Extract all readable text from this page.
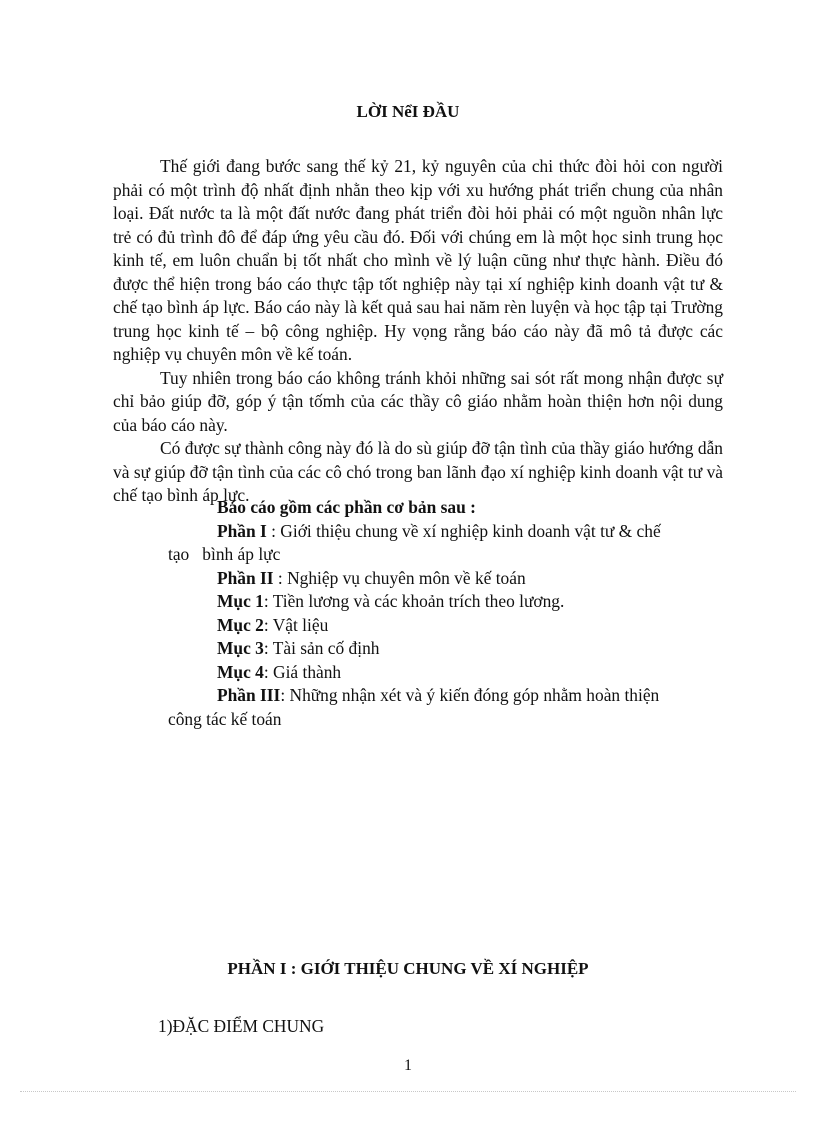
LỜI NểI ĐẦU

Thế giới đang bước sang thế kỷ 21, kỷ nguyên của chi thức đòi hỏi con người phải có một trình độ nhất định nhằn theo kịp với xu hướng phát triển chung của nhân loại. Đất nước ta là một đất nước đang phát triển đòi hỏi phải có một nguồn nhân lực trẻ có đủ trình đô để đáp ứng yêu cầu đó. Đối với chúng em là một học sinh trung học kinh tế, em luôn chuẩn bị tốt nhất cho mình về lý luận cũng như thực hành. Điều đó được thể hiện trong báo cáo thực tập tốt nghiệp này tại xí nghiệp kinh doanh vật tư & chế tạo bình áp lực. Báo cáo này là kết quả sau hai năm rèn luyện và học tập tại Trường trung học kinh tế – bộ công nghiệp. Hy vọng rằng báo cáo này đã mô tả được các nghiệp vụ chuyên môn về kế toán.

Tuy nhiên trong báo cáo không tránh khỏi những sai sót rất mong nhận được sự chỉ bảo giúp đỡ, góp ý tận tốmh của các thầy cô giáo nhằm hoàn thiện hơn nội dung của báo cáo này.

Có được sự thành công này đó là do sù giúp đỡ tận tình của thầy giáo hướng dẫn và sự giúp đỡ tận tình của các cô chó trong ban lãnh đạo xí nghiệp kinh doanh vật tư và chế tạo bình áp lực.

Báo cáo gồm các phần cơ bản sau :
Phần I : Giới thiệu chung về xí nghiệp kinh doanh vật tư & chế
tạo   bình áp lực
Phần II : Nghiệp vụ chuyên môn về kế toán
Mục 1: Tiền lương và các khoản trích theo lương.
Mục 2: Vật liệu
Mục 3: Tài sản cố định
Mục 4: Giá thành
Phần III: Những nhận xét và ý kiến đóng góp nhằm hoàn thiện
công tác kế toán
PHẦN I : GIỚI THIỆU CHUNG VỀ XÍ NGHIỆP
1)ĐẶC ĐIỂM CHUNG
1
